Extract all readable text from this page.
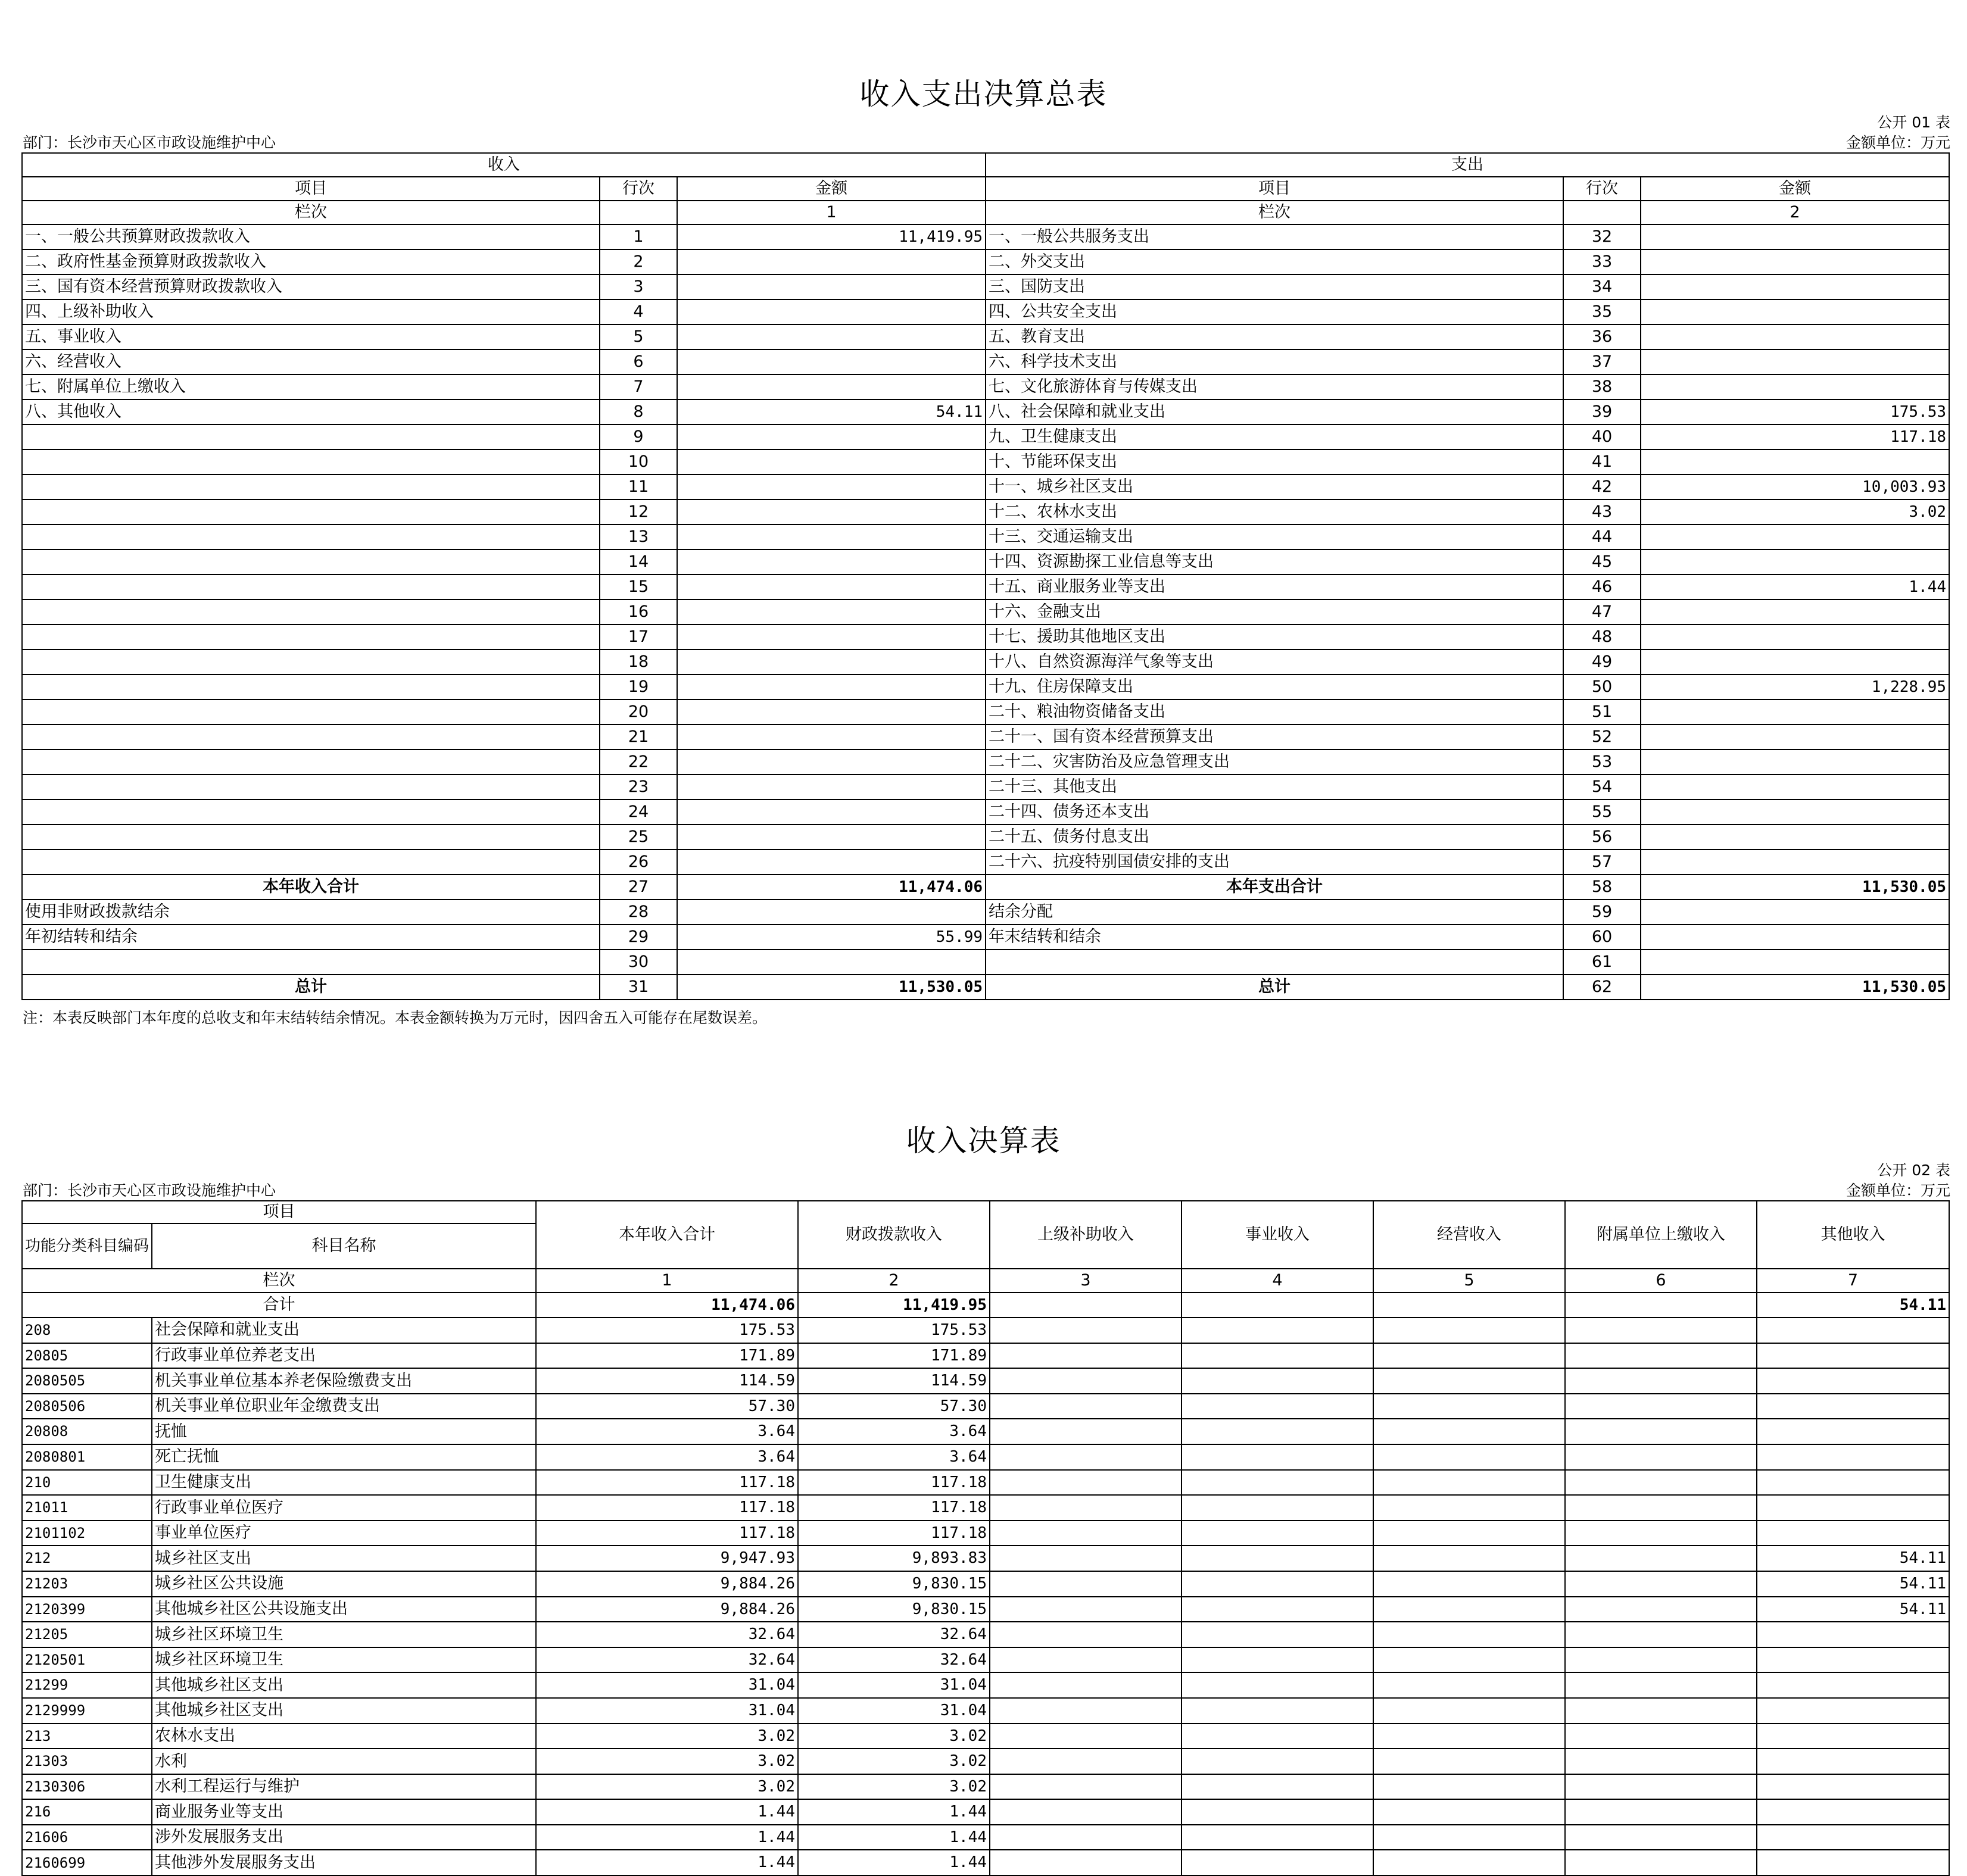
收入支出决算总表
公开 01 表
部门：长沙市天心区市政设施维护中心	金额单位：万元
收入			支出		
项目	行次	金额	项目	行次	金额
栏次		1	栏次		2
一、一般公共预算财政拨款收入	1	11,419.95	一、一般公共服务支出	32	
二、政府性基金预算财政拨款收入	2		二、外交支出	33	
三、国有资本经营预算财政拨款收入	3		三、国防支出	34	
四、上级补助收入	4		四、公共安全支出	35	
五、事业收入	5		五、教育支出	36	
六、经营收入	6		六、科学技术支出	37	
七、附属单位上缴收入	7		七、文化旅游体育与传媒支出	38	
八、其他收入	8	54.11	八、社会保障和就业支出	39	175.53
	9		九、卫生健康支出	40	117.18
	10		十、节能环保支出	41	
	11		十一、城乡社区支出	42	10,003.93
	12		十二、农林水支出	43	3.02
	13		十三、交通运输支出	44	
	14		十四、资源勘探工业信息等支出	45	
	15		十五、商业服务业等支出	46	1.44
	16		十六、金融支出	47	
	17		十七、援助其他地区支出	48	
	18		十八、自然资源海洋气象等支出	49	
	19		十九、住房保障支出	50	1,228.95
	20		二十、粮油物资储备支出	51	
	21		二十一、国有资本经营预算支出	52	
	22		二十二、灾害防治及应急管理支出	53	
	23		二十三、其他支出	54	
	24		二十四、债务还本支出	55	
	25		二十五、债务付息支出	56	
	26		二十六、抗疫特别国债安排的支出	57	
本年收入合计	27	11,474.06	本年支出合计	58	11,530.05
使用非财政拨款结余	28		结余分配	59	
年初结转和结余	29	55.99	年末结转和结余	60	
	30			61	
总计	31	11,530.05	总计	62	11,530.05
注：本表反映部门本年度的总收支和年末结转结余情况。本表金额转换为万元时，因四舍五入可能存在尾数误差。
收入决算表
公开 02 表
部门：长沙市天心区市政设施维护中心	金额单位：万元
项目		本年收入合计	财政拨款收入	上级补助收入	事业收入	经营收入	附属单位上缴收入	其他收入
功能分类科目编码	科目名称							
栏次		1	2	3	4	5	6	7
合计		11,474.06	11,419.95					54.11
208	社会保障和就业支出	175.53	175.53					
20805	行政事业单位养老支出	171.89	171.89					
2080505	机关事业单位基本养老保险缴费支出	114.59	114.59					
2080506	机关事业单位职业年金缴费支出	57.30	57.30					
20808	抚恤	3.64	3.64					
2080801	死亡抚恤	3.64	3.64					
210	卫生健康支出	117.18	117.18					
21011	行政事业单位医疗	117.18	117.18					
2101102	事业单位医疗	117.18	117.18					
212	城乡社区支出	9,947.93	9,893.83					54.11
21203	城乡社区公共设施	9,884.26	9,830.15					54.11
2120399	其他城乡社区公共设施支出	9,884.26	9,830.15					54.11
21205	城乡社区环境卫生	32.64	32.64					
2120501	城乡社区环境卫生	32.64	32.64					
21299	其他城乡社区支出	31.04	31.04					
2129999	其他城乡社区支出	31.04	31.04					
213	农林水支出	3.02	3.02					
21303	水利	3.02	3.02					
2130306	水利工程运行与维护	3.02	3.02					
216	商业服务业等支出	1.44	1.44					
21606	涉外发展服务支出	1.44	1.44					
2160699	其他涉外发展服务支出	1.44	1.44					
